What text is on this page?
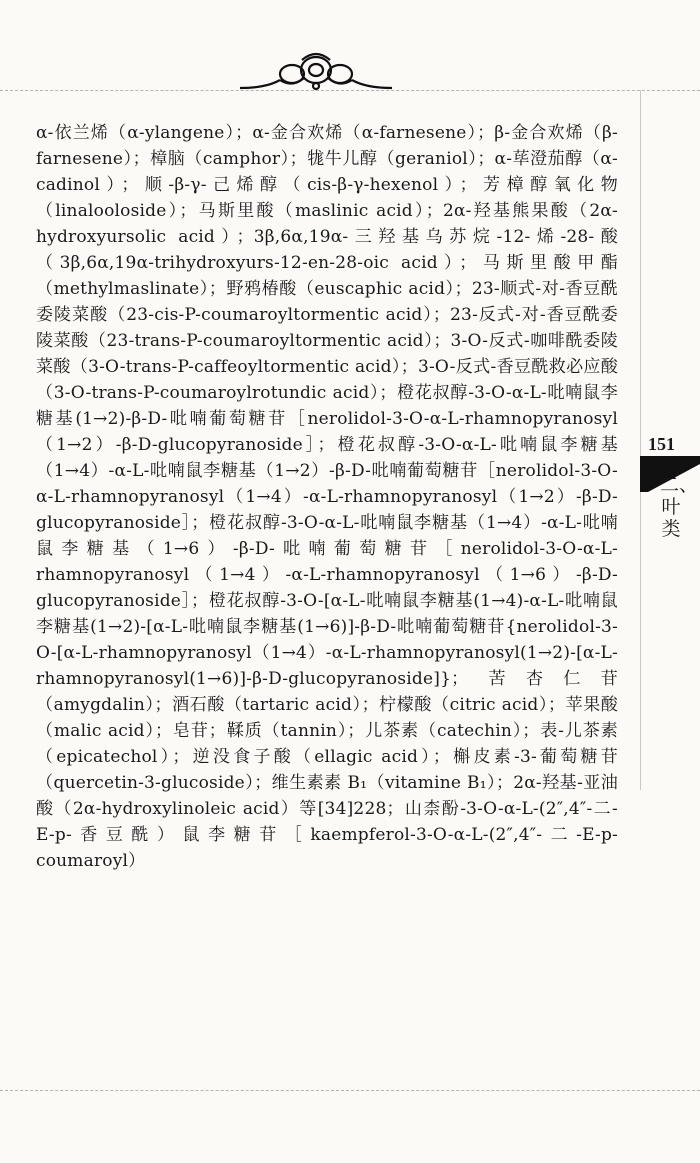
α-依兰烯（α-ylangene）；α-金合欢烯（α-farnesene）；β-金合欢烯（β-farnesene）；樟脑（camphor）；牻牛儿醇（geraniol）；α-荜澄茄醇（α-cadinol）；顺-β-γ-己烯醇（cis-β-γ-hexenol）；芳樟醇氧化物（linalooloside）；马斯里酸（maslinic acid）；2α-羟基熊果酸（2α-hydroxyursolic acid）；3β,6α,19α-三羟基乌苏烷-12-烯-28-酸（3β,6α,19α-trihydroxyurs-12-en-28-oic acid）；马斯里酸甲酯（methylmaslinate）；野鸦椿酸（euscaphic acid）；23-顺式-对-香豆酰委陵菜酸（23-cis-P-coumaroyltormentic acid）；23-反式-对-香豆酰委陵菜酸（23-trans-P-coumaroyltormentic acid）；3-O-反式-咖啡酰委陵菜酸（3-O-trans-P-caffeoyltormentic acid）；3-O-反式-香豆酰救必应酸（3-O-trans-P-coumaroylrotundic acid）；橙花叔醇-3-O-α-L-吡喃鼠李糖基(1→2)-β-D-吡喃葡萄糖苷［nerolidol-3-O-α-L-rhamnopyranosyl（1→2）-β-D-glucopyranoside］；橙花叔醇-3-O-α-L-吡喃鼠李糖基（1→4）-α-L-吡喃鼠李糖基（1→2）-β-D-吡喃葡萄糖苷［nerolidol-3-O-α-L-rhamnopyranosyl（1→4）-α-L-rhamnopyranosyl（1→2）-β-D-glucopyranoside］；橙花叔醇-3-O-α-L-吡喃鼠李糖基（1→4）-α-L-吡喃鼠李糖基（1→6）-β-D-吡喃葡萄糖苷［nerolidol-3-O-α-L-rhamnopyranosyl（1→4）-α-L-rhamnopyranosyl（1→6）-β-D-glucopyranoside］；橙花叔醇-3-O-[α-L-吡喃鼠李糖基(1→4)-α-L-吡喃鼠李糖基(1→2)-[α-L-吡喃鼠李糖基(1→6)]-β-D-吡喃葡萄糖苷{nerolidol-3-O-[α-L-rhamnopyranosyl（1→4）-α-L-rhamnopyranosyl(1→2)-[α-L-rhamnopyranosyl(1→6)]-β-D-glucopyranoside]}；苦杏仁苷（amygdalin）；酒石酸（tartaric acid）；柠檬酸（citric acid）；苹果酸（malic acid）；皂苷；鞣质（tannin）；儿茶素（catechin）；表-儿茶素（epicatechol）；逆没食子酸（ellagic acid）；槲皮素-3-葡萄糖苷（quercetin-3-glucoside）；维生素素 B₁（vitamine B₁）；2α-羟基-亚油酸（2α-hydroxylinoleic acid）等[34]228；山柰酚-3-O-α-L-(2″,4″-二-E-p-香豆酰）鼠李糖苷［kaempferol-3-O-α-L-(2″,4″-二-E-p-coumaroyl）

151
二、叶类
